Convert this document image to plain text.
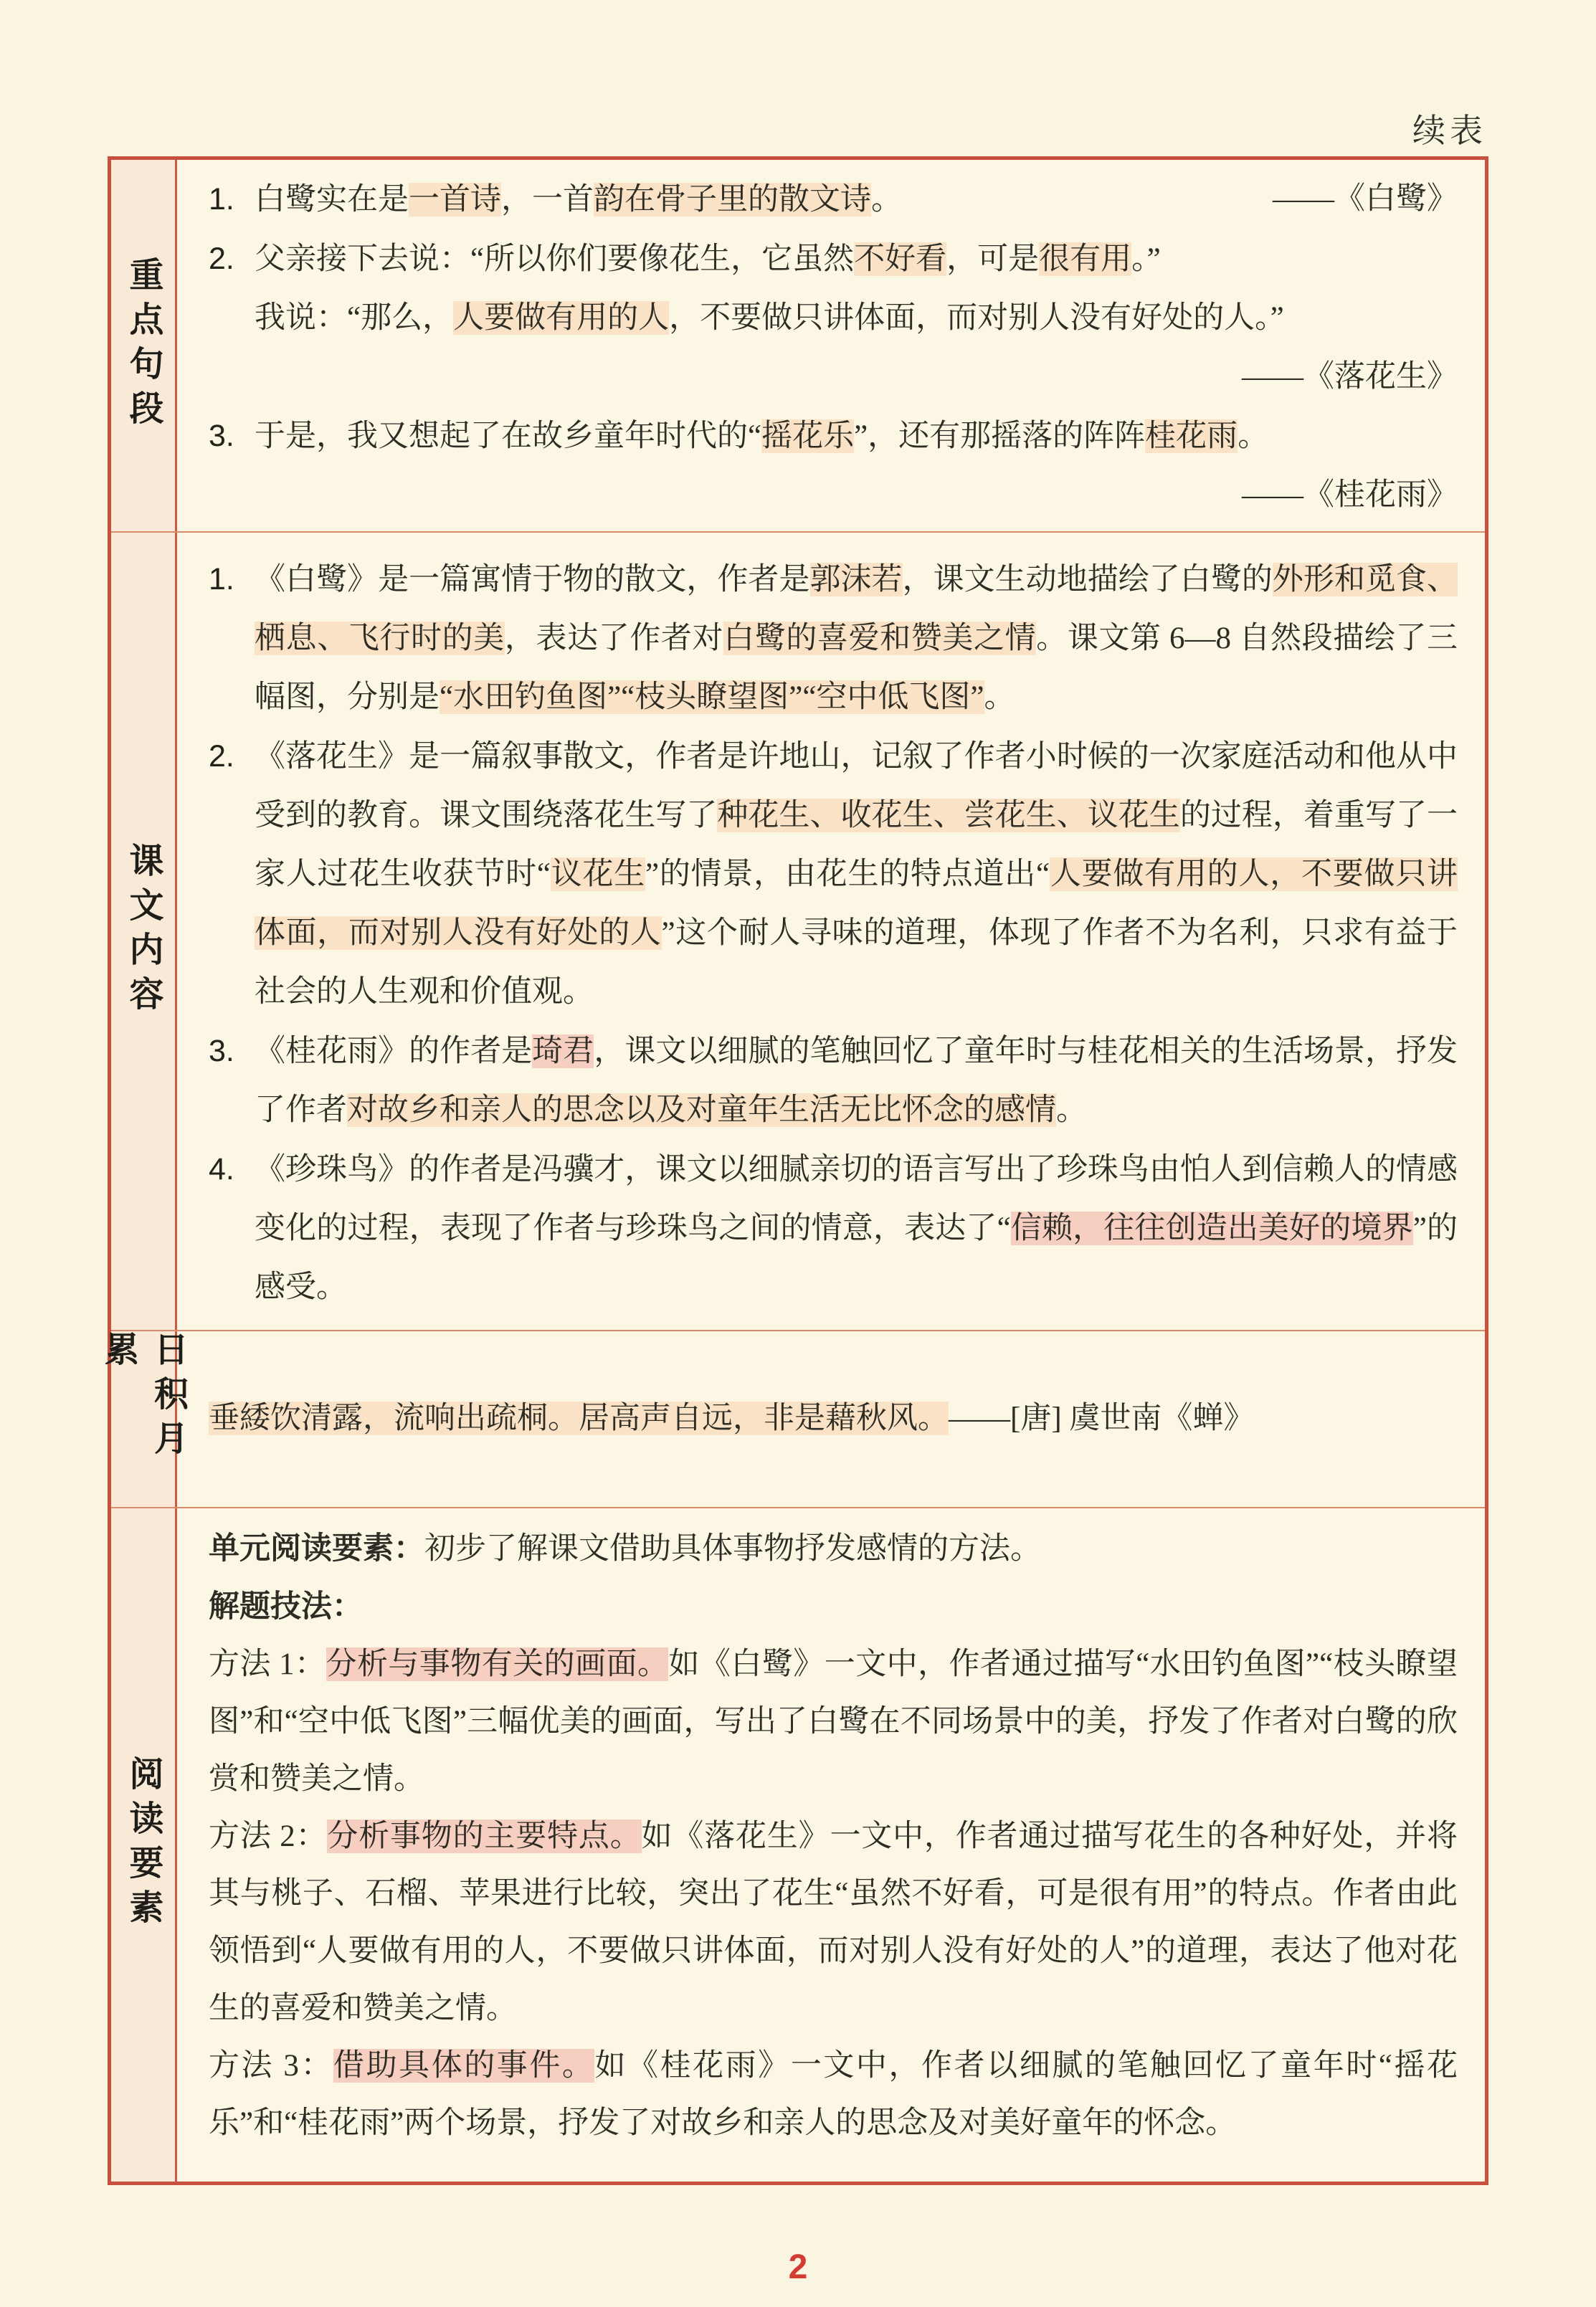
续表
重点句段
1. 白鹭实在是一首诗，一首韵在骨子里的散文诗。	——《白鹭》
2. 父亲接下去说：“所以你们要像花生，它虽然不好看，可是很有用。”
我说：“那么，人要做有用的人，不要做只讲体面，而对别人没有好处的人。”
——《落花生》
3. 于是，我又想起了在故乡童年时代的“摇花乐”，还有那摇落的阵阵桂花雨。
——《桂花雨》
课文内容
1. 《白鹭》是一篇寓情于物的散文，作者是郭沫若，课文生动地描绘了白鹭的外形和觅食、栖息、飞行时的美，表达了作者对白鹭的喜爱和赞美之情。课文第 6—8 自然段描绘了三幅图，分别是“水田钓鱼图”“枝头瞭望图”“空中低飞图”。
2. 《落花生》是一篇叙事散文，作者是许地山，记叙了作者小时候的一次家庭活动和他从中受到的教育。课文围绕落花生写了种花生、收花生、尝花生、议花生的过程，着重写了一家人过花生收获节时“议花生”的情景，由花生的特点道出“人要做有用的人，不要做只讲体面，而对别人没有好处的人”这个耐人寻味的道理，体现了作者不为名利，只求有益于社会的人生观和价值观。
3. 《桂花雨》的作者是琦君，课文以细腻的笔触回忆了童年时与桂花相关的生活场景，抒发了作者对故乡和亲人的思念以及对童年生活无比怀念的感情。
4. 《珍珠鸟》的作者是冯骥才，课文以细腻亲切的语言写出了珍珠鸟由怕人到信赖人的情感变化的过程，表现了作者与珍珠鸟之间的情意，表达了“信赖，往往创造出美好的境界”的感受。
日积月累
垂緌饮清露，流响出疏桐。居高声自远，非是藉秋风。——[唐] 虞世南《蝉》
阅读要素
单元阅读要素：初步了解课文借助具体事物抒发感情的方法。
解题技法：
方法 1：分析与事物有关的画面。如《白鹭》一文中，作者通过描写“水田钓鱼图”“枝头瞭望图”和“空中低飞图”三幅优美的画面，写出了白鹭在不同场景中的美，抒发了作者对白鹭的欣赏和赞美之情。
方法 2：分析事物的主要特点。如《落花生》一文中，作者通过描写花生的各种好处，并将其与桃子、石榴、苹果进行比较，突出了花生“虽然不好看，可是很有用”的特点。作者由此领悟到“人要做有用的人，不要做只讲体面，而对别人没有好处的人”的道理，表达了他对花生的喜爱和赞美之情。
方法 3：借助具体的事件。如《桂花雨》一文中，作者以细腻的笔触回忆了童年时“摇花乐”和“桂花雨”两个场景，抒发了对故乡和亲人的思念及对美好童年的怀念。
2
